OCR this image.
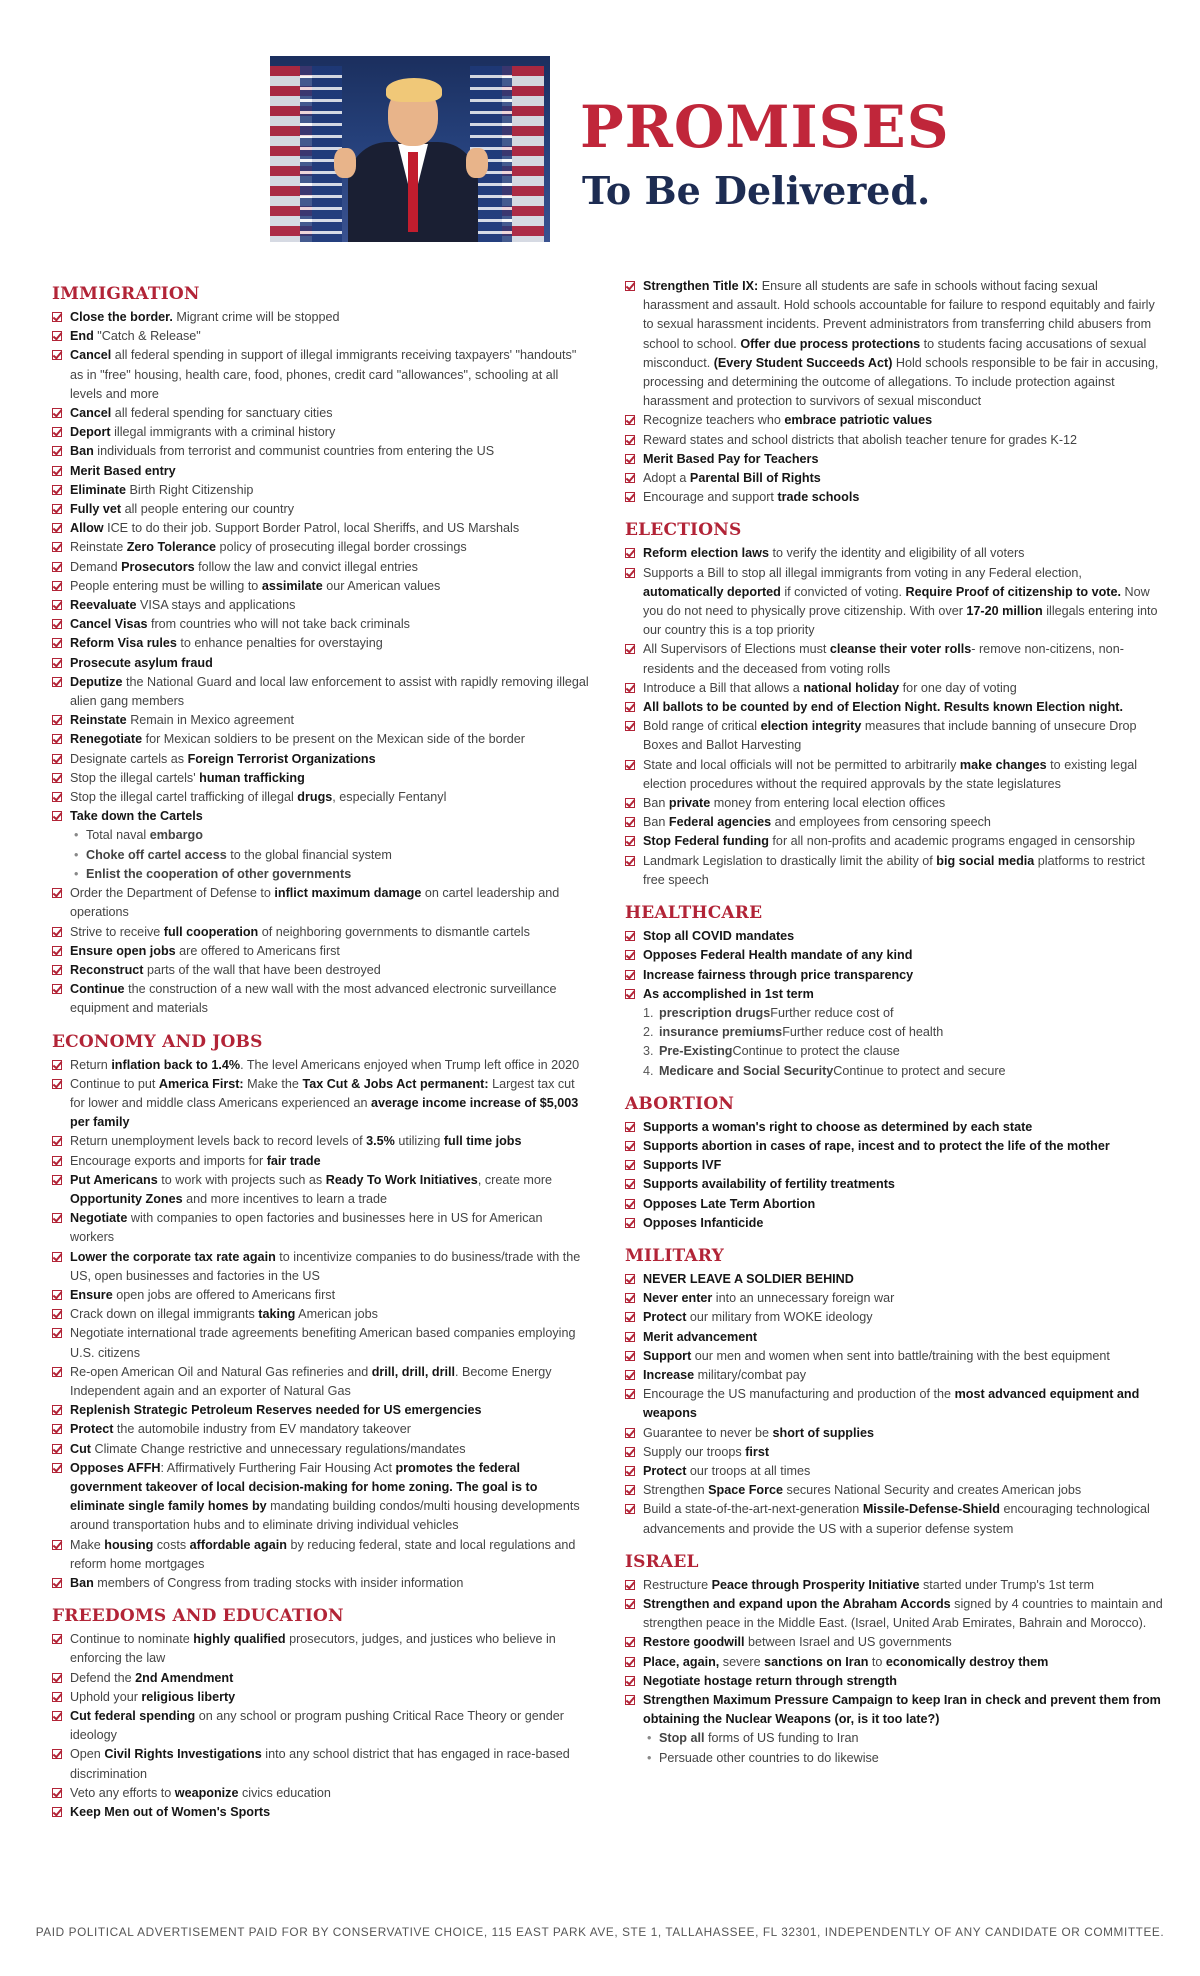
PROMISES
To Be Delivered.
IMMIGRATION
Close the border. Migrant crime will be stopped
End "Catch & Release"
Cancel all federal spending in support of illegal immigrants receiving taxpayers' "handouts" as in "free" housing, health care, food, phones, credit card "allowances", schooling at all levels and more
Cancel all federal spending for sanctuary cities
Deport illegal immigrants with a criminal history
Ban individuals from terrorist and communist countries from entering the US
Merit Based entry
Eliminate Birth Right Citizenship
Fully vet all people entering our country
Allow ICE to do their job. Support Border Patrol, local Sheriffs, and US Marshals
Reinstate Zero Tolerance policy of prosecuting illegal border crossings
Demand Prosecutors follow the law and convict illegal entries
People entering must be willing to assimilate our American values
Reevaluate VISA stays and applications
Cancel Visas from countries who will not take back criminals
Reform Visa rules to enhance penalties for overstaying
Prosecute asylum fraud
Deputize the National Guard and local law enforcement to assist with rapidly removing illegal alien gang members
Reinstate Remain in Mexico agreement
Renegotiate for Mexican soldiers to be present on the Mexican side of the border
Designate cartels as Foreign Terrorist Organizations
Stop the illegal cartels' human trafficking
Stop the illegal cartel trafficking of illegal drugs, especially Fentanyl
Take down the Cartels
• Total naval embargo
• Choke off cartel access to the global financial system
• Enlist the cooperation of other governments
Order the Department of Defense to inflict maximum damage on cartel leadership and operations
Strive to receive full cooperation of neighboring governments to dismantle cartels
Ensure open jobs are offered to Americans first
Reconstruct parts of the wall that have been destroyed
Continue the construction of a new wall with the most advanced electronic surveillance equipment and materials
ECONOMY AND JOBS
Return inflation back to 1.4%. The level Americans enjoyed when Trump left office in 2020
Continue to put America First: Make the Tax Cut & Jobs Act permanent: Largest tax cut for lower and middle class Americans experienced an average income increase of $5,003 per family
Return unemployment levels back to record levels of 3.5% utilizing full time jobs
Encourage exports and imports for fair trade
Put Americans to work with projects such as Ready To Work Initiatives, create more Opportunity Zones and more incentives to learn a trade
Negotiate with companies to open factories and businesses here in US for American workers
Lower the corporate tax rate again to incentivize companies to do business/trade with the US, open businesses and factories in the US
Ensure open jobs are offered to Americans first
Crack down on illegal immigrants taking American jobs
Negotiate international trade agreements benefiting American based companies employing U.S. citizens
Re-open American Oil and Natural Gas refineries and drill, drill, drill. Become Energy Independent again and an exporter of Natural Gas
Replenish Strategic Petroleum Reserves needed for US emergencies
Protect the automobile industry from EV mandatory takeover
Cut Climate Change restrictive and unnecessary regulations/mandates
Opposes AFFH: Affirmatively Furthering Fair Housing Act promotes the federal government takeover of local decision-making for home zoning. The goal is to eliminate single family homes by mandating building condos/multi housing developments around transportation hubs and to eliminate driving individual vehicles
Make housing costs affordable again by reducing federal, state and local regulations and reform home mortgages
Ban members of Congress from trading stocks with insider information
FREEDOMS AND EDUCATION
Continue to nominate highly qualified prosecutors, judges, and justices who believe in enforcing the law
Defend the 2nd Amendment
Uphold your religious liberty
Cut federal spending on any school or program pushing Critical Race Theory or gender ideology
Open Civil Rights Investigations into any school district that has engaged in race-based discrimination
Veto any efforts to weaponize civics education
Keep Men out of Women's Sports
Strengthen Title IX: Ensure all students are safe in schools without facing sexual harassment and assault. Hold schools accountable for failure to respond equitably and fairly to sexual harassment incidents. Prevent administrators from transferring child abusers from school to school. Offer due process protections to students facing accusations of sexual misconduct. (Every Student Succeeds Act) Hold schools responsible to be fair in accusing, processing and determining the outcome of allegations. To include protection against harassment and protection to survivors of sexual misconduct
Recognize teachers who embrace patriotic values
Reward states and school districts that abolish teacher tenure for grades K-12
Merit Based Pay for Teachers
Adopt a Parental Bill of Rights
Encourage and support trade schools
ELECTIONS
Reform election laws to verify the identity and eligibility of all voters
Supports a Bill to stop all illegal immigrants from voting in any Federal election, automatically deported if convicted of voting. Require Proof of citizenship to vote. Now you do not need to physically prove citizenship. With over 17-20 million illegals entering into our country this is a top priority
All Supervisors of Elections must cleanse their voter rolls- remove non-citizens, non-residents and the deceased from voting rolls
Introduce a Bill that allows a national holiday for one day of voting
All ballots to be counted by end of Election Night. Results known Election night.
Bold range of critical election integrity measures that include banning of unsecure Drop Boxes and Ballot Harvesting
State and local officials will not be permitted to arbitrarily make changes to existing legal election procedures without the required approvals by the state legislatures
Ban private money from entering local election offices
Ban Federal agencies and employees from censoring speech
Stop Federal funding for all non-profits and academic programs engaged in censorship
Landmark Legislation to drastically limit the ability of big social media platforms to restrict free speech
HEALTHCARE
Stop all COVID mandates
Opposes Federal Health mandate of any kind
Increase fairness through price transparency
As accomplished in 1st term
1. prescription drugsFurther reduce cost of
2. insurance premiumsFurther reduce cost of health
3. Pre-ExistingContinue to protect the clause
4. Medicare and Social SecurityContinue to protect and secure
ABORTION
Supports a woman's right to choose as determined by each state
Supports abortion in cases of rape, incest and to protect the life of the mother
Supports IVF
Supports availability of fertility treatments
Opposes Late Term Abortion
Opposes Infanticide
MILITARY
NEVER LEAVE A SOLDIER BEHIND
Never enter into an unnecessary foreign war
Protect our military from WOKE ideology
Merit advancement
Support our men and women when sent into battle/training with the best equipment
Increase military/combat pay
Encourage the US manufacturing and production of the most advanced equipment and weapons
Guarantee to never be short of supplies
Supply our troops first
Protect our troops at all times
Strengthen Space Force secures National Security and creates American jobs
Build a state-of-the-art-next-generation Missile-Defense-Shield encouraging technological advancements and provide the US with a superior defense system
ISRAEL
Restructure Peace through Prosperity Initiative started under Trump's 1st term
Strengthen and expand upon the Abraham Accords signed by 4 countries to maintain and strengthen peace in the Middle East. (Israel, United Arab Emirates, Bahrain and Morocco).
Restore goodwill between Israel and US governments
Place, again, severe sanctions on Iran to economically destroy them
Negotiate hostage return through strength
Strengthen Maximum Pressure Campaign to keep Iran in check and prevent them from obtaining the Nuclear Weapons (or, is it too late?)
• Stop all forms of US funding to Iran
• Persuade other countries to do likewise
PAID POLITICAL ADVERTISEMENT PAID FOR BY CONSERVATIVE CHOICE, 115 EAST PARK AVE, STE 1, TALLAHASSEE, FL 32301, INDEPENDENTLY OF ANY CANDIDATE OR COMMITTEE.
